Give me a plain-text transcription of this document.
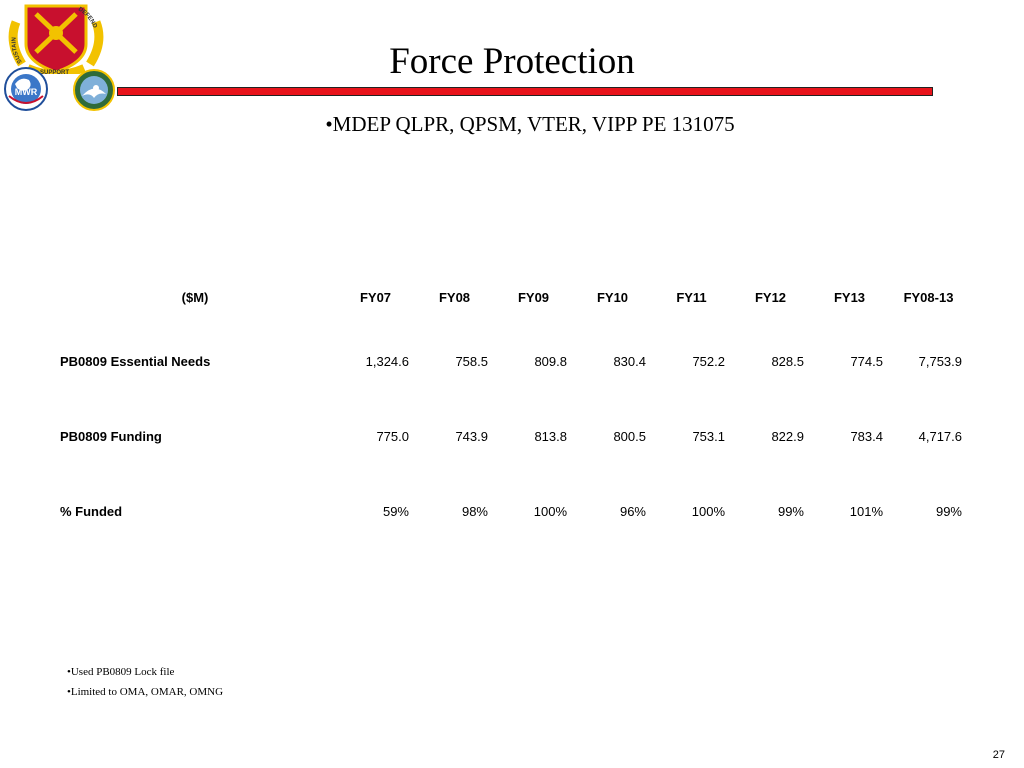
SUSTAIN
SUPPORT
DEFEND
MWR
Force Protection
•MDEP QLPR, QPSM, VTER, VIPP PE 131075
($M)	FY07	FY08	FY09	FY10	FY11	FY12	FY13	FY08-13
PB0809 Essential Needs	1,324.6	758.5	809.8	830.4	752.2	828.5	774.5	7,753.9
PB0809 Funding	775.0	743.9	813.8	800.5	753.1	822.9	783.4	4,717.6
% Funded	59%	98%	100%	96%	100%	99%	101%	99%
•Used PB0809 Lock file
•Limited to OMA, OMAR, OMNG
27
